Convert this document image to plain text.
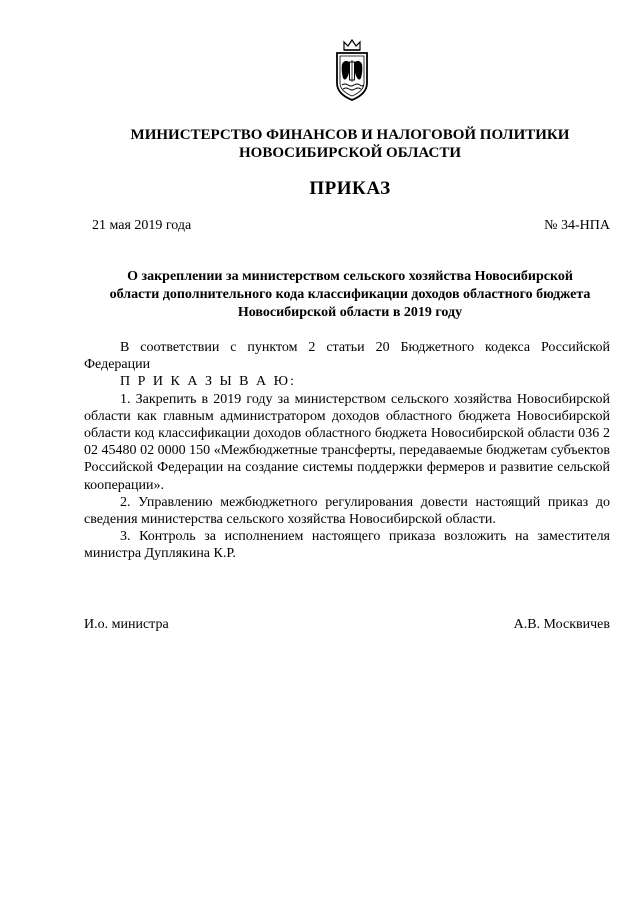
МИНИСТЕРСТВО ФИНАНСОВ И НАЛОГОВОЙ ПОЛИТИКИ
НОВОСИБИРСКОЙ ОБЛАСТИ
ПРИКАЗ
21 мая 2019 года	№ 34-НПА
О закреплении за министерством сельского хозяйства Новосибирской
области дополнительного кода классификации доходов областного бюджета
Новосибирской области в 2019 году

В соответствии с пунктом 2 статьи 20 Бюджетного кодекса Российской Федерации

П Р И К А З Ы В А Ю:

1. Закрепить в 2019 году за министерством сельского хозяйства Новосибирской области как главным администратором доходов областного бюджета Новосибирской области код классификации доходов областного бюджета Новосибирской области 036 2 02 45480 02 0000 150 «Межбюджетные трансферты, передаваемые бюджетам субъектов Российской Федерации на создание системы поддержки фермеров и развитие сельской кооперации».

2. Управлению межбюджетного регулирования довести настоящий приказ до сведения министерства сельского хозяйства Новосибирской области.

3. Контроль за исполнением настоящего приказа возложить на заместителя министра Дуплякина К.Р.

И.о. министра	А.В. Москвичев
